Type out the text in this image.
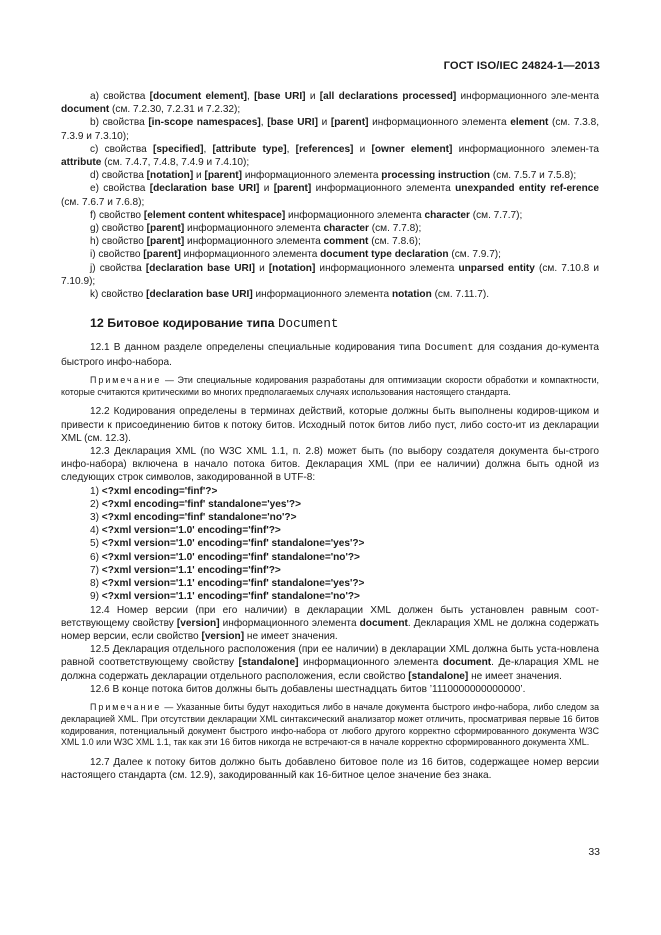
ГОСТ ISO/IEC 24824-1—2013

а) свойства [document element], [base URI] и [all declarations processed] информационного эле-мента document (см. 7.2.30, 7.2.31 и 7.2.32);

b) свойства [in-scope namespaces], [base URI] и [parent] информационного элемента element (см. 7.3.8, 7.3.9 и 7.3.10);

с) свойства [specified], [attribute type], [references] и [owner element] информационного элемен-та attribute (см. 7.4.7, 7.4.8, 7.4.9 и 7.4.10);

d) свойства [notation] и [parent] информационного элемента processing instruction (см. 7.5.7 и 7.5.8);

е) свойства [declaration base URI] и [parent] информационного элемента unexpanded entity ref-erence (см. 7.6.7 и 7.6.8);

f) свойство [element content whitespace] информационного элемента character (см. 7.7.7);

g) свойство [parent] информационного элемента character (см. 7.7.8);

h) свойство [parent] информационного элемента comment (см. 7.8.6);

i) свойство [parent] информационного элемента document type declaration (см. 7.9.7);

j) свойства [declaration base URI] и [notation] информационного элемента unparsed entity (см. 7.10.8 и 7.10.9);

k) свойство [declaration base URI] информационного элемента notation (см. 7.11.7).

12 Битовое кодирование типа Document

12.1 В данном разделе определены специальные кодирования типа Document для создания до-кумента быстрого инфо-набора.

Примечание — Эти специальные кодирования разработаны для оптимизации скорости обработки и компактности, которые считаются критическими во многих предполагаемых случаях использования настоящего стандарта.

12.2 Кодирования определены в терминах действий, которые должны быть выполнены кодиров-щиком и привести к присоединению битов к потоку битов. Исходный поток битов либо пуст, либо состо-ит из декларации XML (см. 12.3).

12.3 Декларация XML (по W3C XML 1.1, п. 2.8) может быть (по выбору создателя документа бы-строго инфо-набора) включена в начало потока битов. Декларация XML (при ее наличии) должна быть одной из следующих строк символов, закодированной в UTF-8:

1) <?xml encoding='finf'?>

2) <?xml encoding='finf' standalone='yes'?>

3) <?xml encoding='finf' standalone='no'?>

4) <?xml version='1.0' encoding='finf'?>

5) <?xml version='1.0' encoding='finf' standalone='yes'?>

6) <?xml version='1.0' encoding='finf' standalone='no'?>

7) <?xml version='1.1' encoding='finf'?>

8) <?xml version='1.1' encoding='finf' standalone='yes'?>

9) <?xml version='1.1' encoding='finf' standalone='no'?>

12.4 Номер версии (при его наличии) в декларации XML должен быть установлен равным соот-ветствующему свойству [version] информационного элемента document. Декларация XML не должна содержать номер версии, если свойство [version] не имеет значения.

12.5 Декларация отдельного расположения (при ее наличии) в декларации XML должна быть уста-новлена равной соответствующему свойству [standalone] информационного элемента document. Де-кларация XML не должна содержать декларации отдельного расположения, если свойство [standalone] не имеет значения.

12.6 В конце потока битов должны быть добавлены шестнадцать битов ’1110000000000000’.

Примечание — Указанные биты будут находиться либо в начале документа быстрого инфо-набора, либо следом за декларацией XML. При отсутствии декларации XML синтаксический анализатор может отличить, просматривая первые 16 битов кодирования, потенциальный документ быстрого инфо-набора от любого другого корректно сформированного документа W3C XML 1.0 или W3C XML 1.1, так как эти 16 битов никогда не встречают-ся в начале корректно сформированного документа XML.

12.7 Далее к потоку битов должно быть добавлено битовое поле из 16 битов, содержащее номер версии настоящего стандарта (см. 12.9), закодированный как 16-битное целое значение без знака.

33
